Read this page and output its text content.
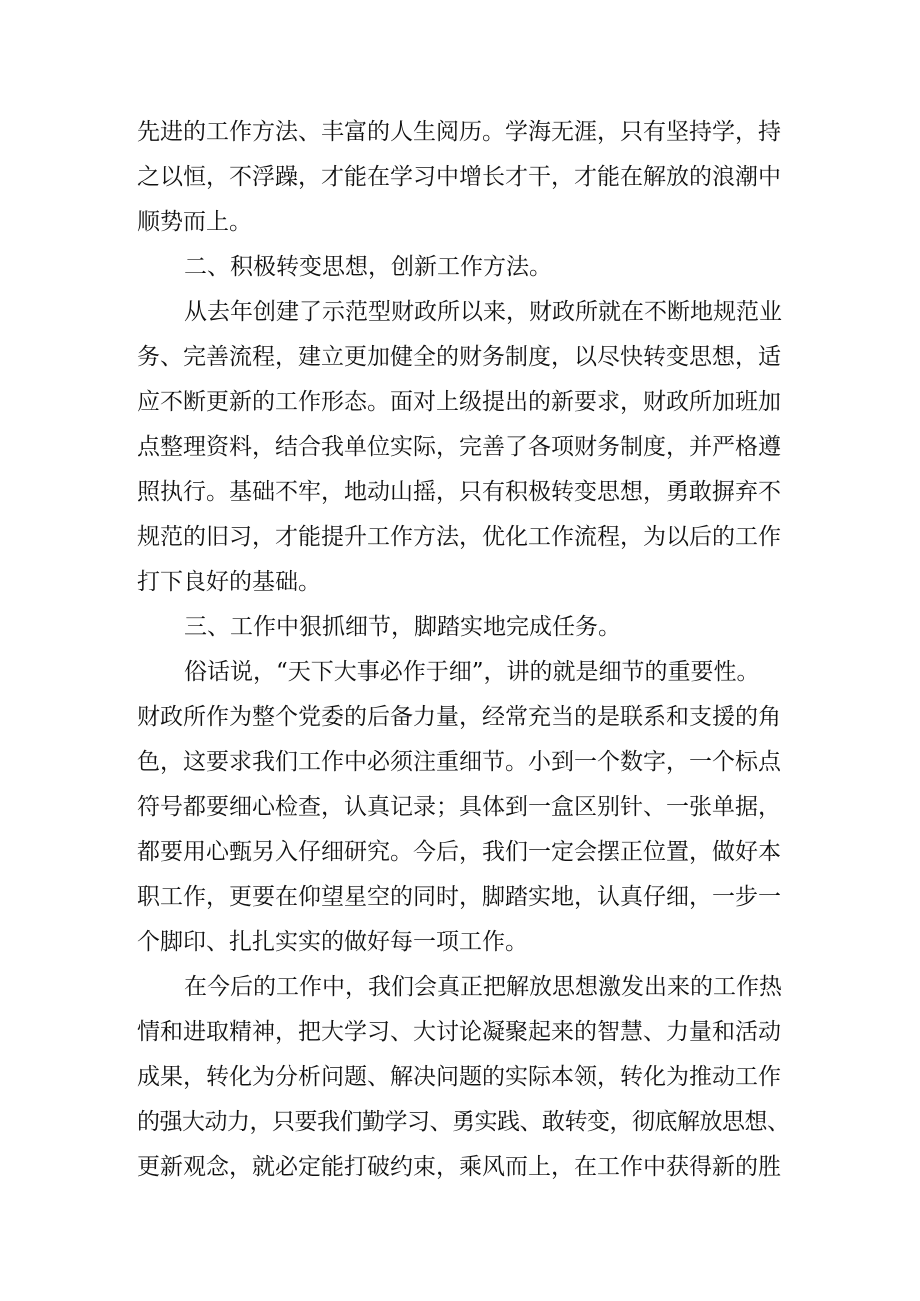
先进的工作方法、丰富的人生阅历。学海无涯，只有坚持学，持

之以恒，不浮躁，才能在学习中增长才干，才能在解放的浪潮中

顺势而上。

二、积极转变思想，创新工作方法。

从去年创建了示范型财政所以来，财政所就在不断地规范业

务、完善流程，建立更加健全的财务制度，以尽快转变思想，适

应不断更新的工作形态。面对上级提出的新要求，财政所加班加

点整理资料，结合我单位实际，完善了各项财务制度，并严格遵

照执行。基础不牢，地动山摇，只有积极转变思想，勇敢摒弃不

规范的旧习，才能提升工作方法，优化工作流程，为以后的工作

打下良好的基础。

三、工作中狠抓细节，脚踏实地完成任务。

俗话说，“天下大事必作于细”，讲的就是细节的重要性。

财政所作为整个党委的后备力量，经常充当的是联系和支援的角

色，这要求我们工作中必须注重细节。小到一个数字，一个标点

符号都要细心检查，认真记录；具体到一盒区别针、一张单据，

都要用心甄另入仔细研究。今后，我们一定会摆正位置，做好本

职工作，更要在仰望星空的同时，脚踏实地，认真仔细，一步一

个脚印、扎扎实实的做好每一项工作。

在今后的工作中，我们会真正把解放思想激发出来的工作热

情和进取精神，把大学习、大讨论凝聚起来的智慧、力量和活动

成果，转化为分析问题、解决问题的实际本领，转化为推动工作

的强大动力，只要我们勤学习、勇实践、敢转变，彻底解放思想、

更新观念，就必定能打破约束，乘风而上，在工作中获得新的胜
